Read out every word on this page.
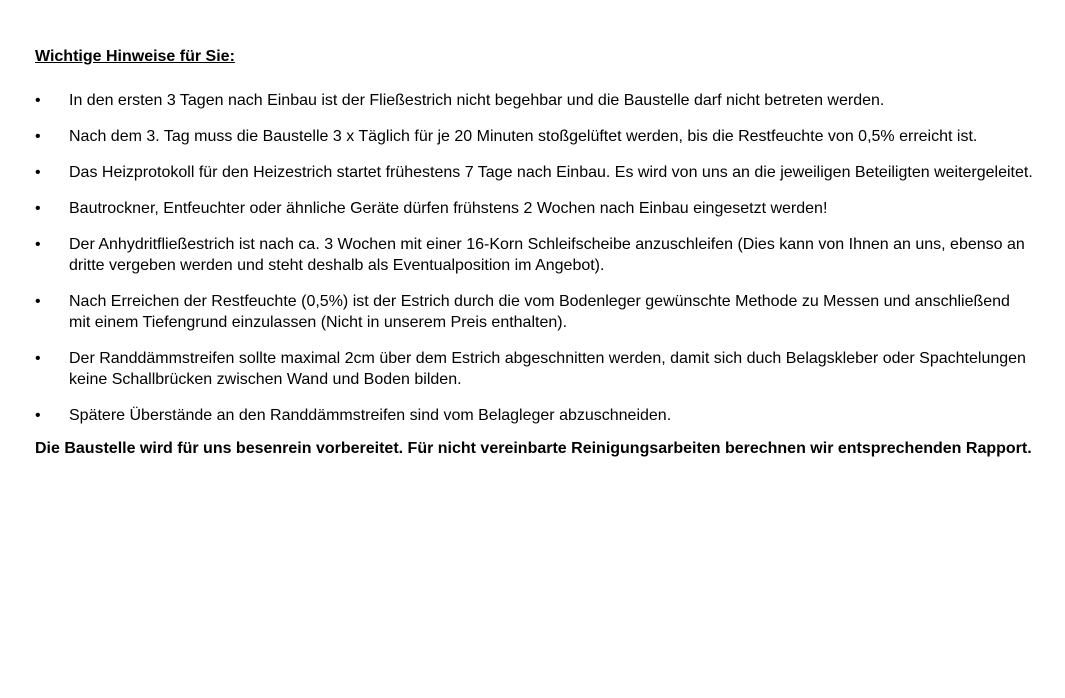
Wichtige Hinweise für Sie:
• In den ersten 3 Tagen nach Einbau ist der Fließestrich nicht begehbar und die Baustelle darf nicht betreten werden.
• Nach dem 3. Tag muss die Baustelle 3 x Täglich für je 20 Minuten stoßgelüftet werden, bis die Restfeuchte von 0,5% erreicht ist.
• Das Heizprotokoll für den Heizestrich startet frühestens 7 Tage nach Einbau. Es wird von uns an die jeweiligen Beteiligten weitergeleitet.
• Bautrockner, Entfeuchter oder ähnliche Geräte dürfen frühstens 2 Wochen nach Einbau eingesetzt werden!
• Der Anhydritfließestrich ist nach ca. 3 Wochen mit einer 16-Korn Schleifscheibe anzuschleifen (Dies kann von Ihnen an uns, ebenso an dritte vergeben werden und steht deshalb als Eventualposition im Angebot).
• Nach Erreichen der Restfeuchte (0,5%) ist der Estrich durch die vom Bodenleger gewünschte Methode zu Messen und anschließend mit einem Tiefengrund einzulassen (Nicht in unserem Preis enthalten).
• Der Randdämmstreifen sollte maximal 2cm über dem Estrich abgeschnitten werden, damit sich duch Belagskleber oder Spachtelungen keine Schallbrücken zwischen Wand und Boden bilden.
• Spätere Überstände an den Randdämmstreifen sind vom Belagleger abzuschneiden.
Die Baustelle wird für uns besenrein vorbereitet. Für nicht vereinbarte Reinigungsarbeiten berechnen wir entsprechenden Rapport.
